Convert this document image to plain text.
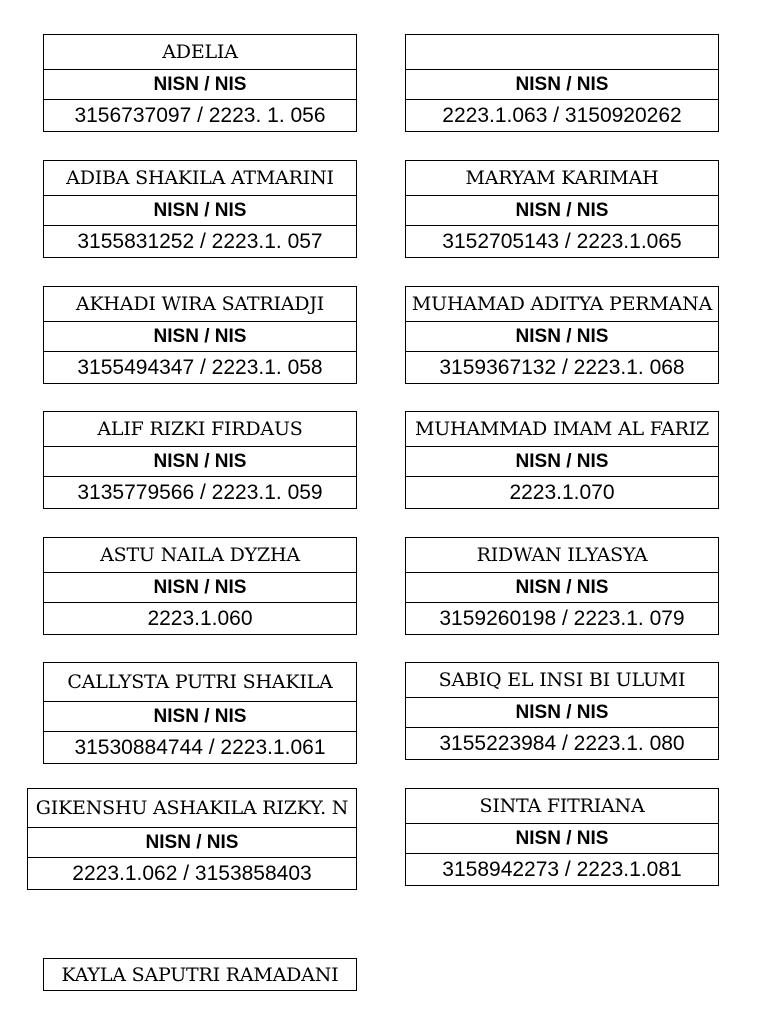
ADELIA
NISN / NIS
3156737097 / 2223. 1. 056
ADIBA SHAKILA ATMARINI
NISN / NIS
3155831252 / 2223.1. 057
AKHADI WIRA SATRIADJI
NISN / NIS
3155494347 / 2223.1. 058
ALIF RIZKI FIRDAUS
NISN / NIS
3135779566 / 2223.1. 059
ASTU NAILA DYZHA
NISN / NIS
2223.1.060
CALLYSTA PUTRI SHAKILA
NISN / NIS
31530884744 / 2223.1.061
GIKENSHU ASHAKILA RIZKY. N
NISN / NIS
2223.1.062 / 3153858403
KAYLA SAPUTRI RAMADANI
NISN / NIS
2223.1.063 / 3150920262
MARYAM KARIMAH
NISN / NIS
3152705143 / 2223.1.065
MUHAMAD ADITYA PERMANA
NISN / NIS
3159367132 / 2223.1. 068
MUHAMMAD IMAM AL FARIZ
NISN / NIS
2223.1.070
RIDWAN ILYASYA
NISN / NIS
3159260198 / 2223.1. 079
SABIQ EL INSI BI ULUMI
NISN / NIS
3155223984 / 2223.1. 080
SINTA FITRIANA
NISN / NIS
3158942273 / 2223.1.081
